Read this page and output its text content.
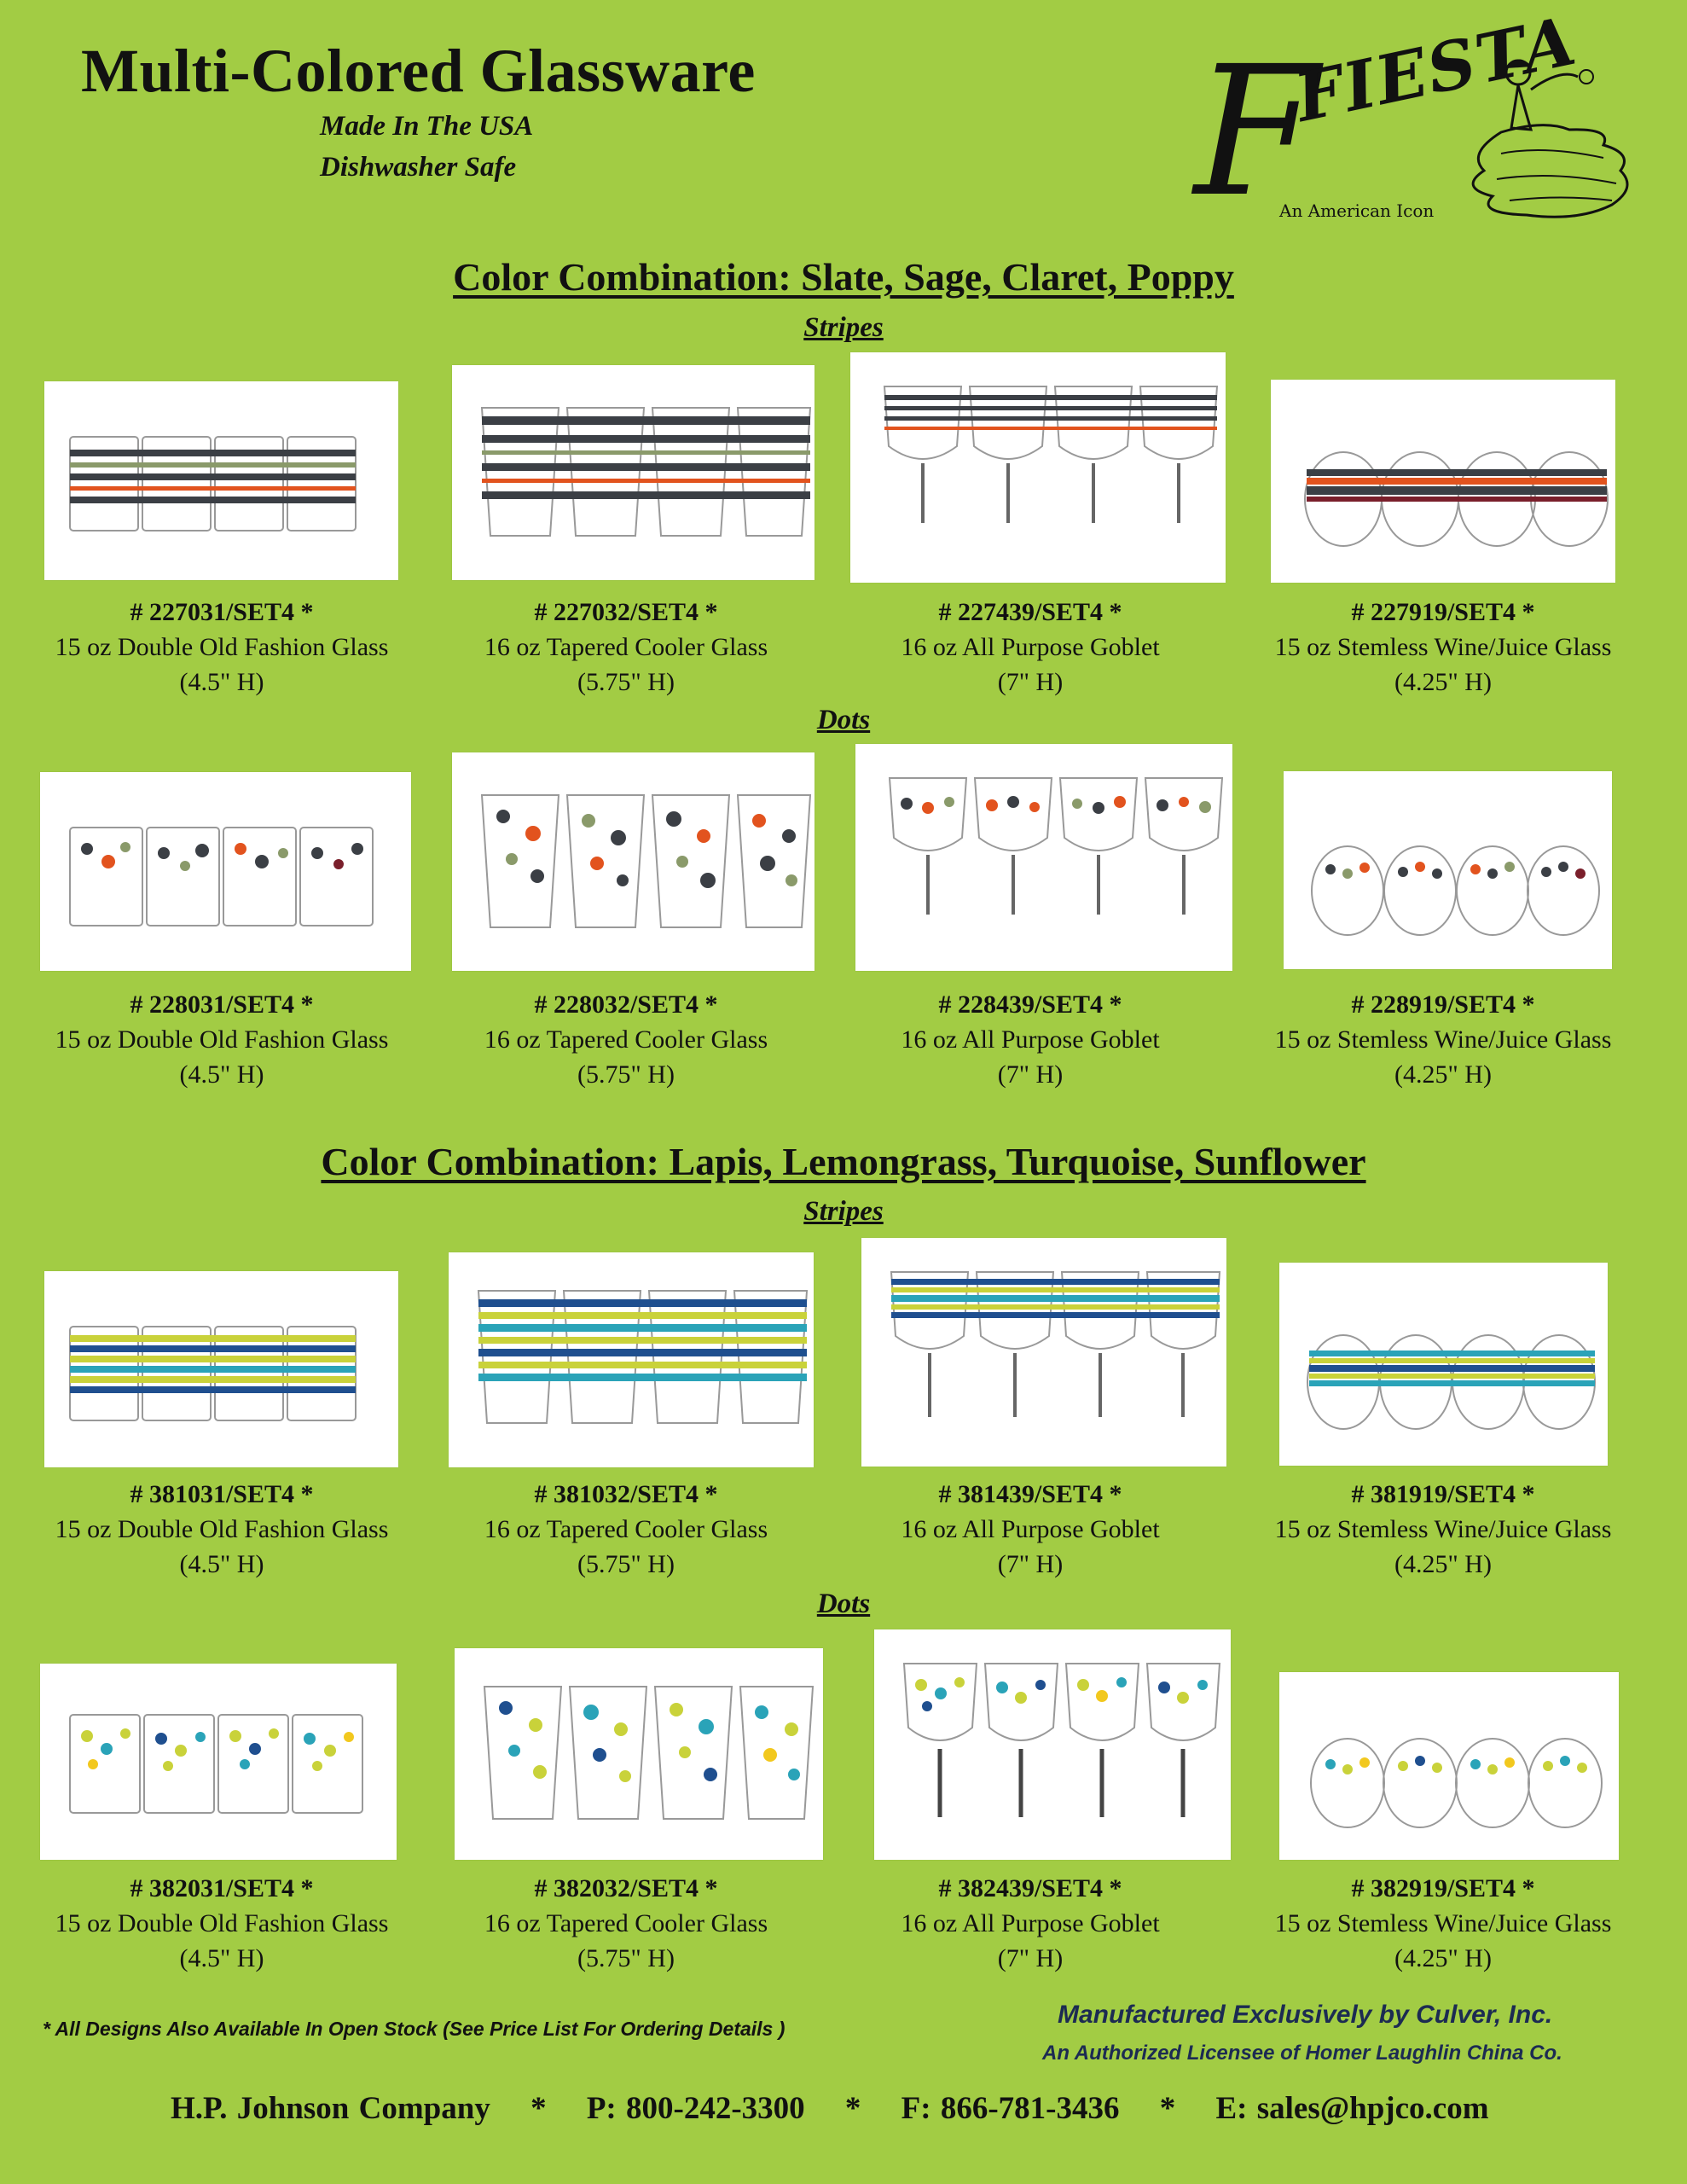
Multi-Colored Glassware
Made In The USA
Dishwasher Safe	F
FIESTA
An American Icon
Color Combination: Slate, Sage, Claret, Poppy
Stripes
Dots
Color Combination: Lapis, Lemongrass, Turquoise, Sunflower
Stripes
Dots
# 227031/SET4 *
15 oz Double Old Fashion Glass
(4.5" H)
# 227032/SET4 *
16 oz Tapered Cooler Glass
(5.75" H)
# 227439/SET4 *
16 oz All Purpose Goblet
(7" H)
# 227919/SET4 *
15 oz Stemless Wine/Juice Glass
(4.25" H)
# 228031/SET4 *
15 oz Double Old Fashion Glass
(4.5" H)
# 228032/SET4 *
16 oz Tapered Cooler Glass
(5.75" H)
# 228439/SET4 *
16 oz All Purpose Goblet
(7" H)
# 228919/SET4 *
15 oz Stemless Wine/Juice Glass
(4.25" H)
# 381031/SET4 *
15 oz Double Old Fashion Glass
(4.5" H)
# 381032/SET4 *
16 oz Tapered Cooler Glass
(5.75" H)
# 381439/SET4 *
16 oz All Purpose Goblet
(7" H)
# 381919/SET4 *
15 oz Stemless Wine/Juice Glass
(4.25" H)
# 382031/SET4 *
15 oz Double Old Fashion Glass
(4.5" H)
# 382032/SET4 *
16 oz Tapered Cooler Glass
(5.75" H)
# 382439/SET4 *
16 oz All Purpose Goblet
(7" H)
# 382919/SET4 *
15 oz Stemless Wine/Juice Glass
(4.25" H)
* All Designs Also Available In Open Stock (See Price List For Ordering Details )	Manufactured Exclusively by Culver, Inc.
An Authorized Licensee of Homer Laughlin China Co.
H.P. Johnson Company * P: 800-242-3300 * F: 866-781-3436 * E: sales@hpjco.com
